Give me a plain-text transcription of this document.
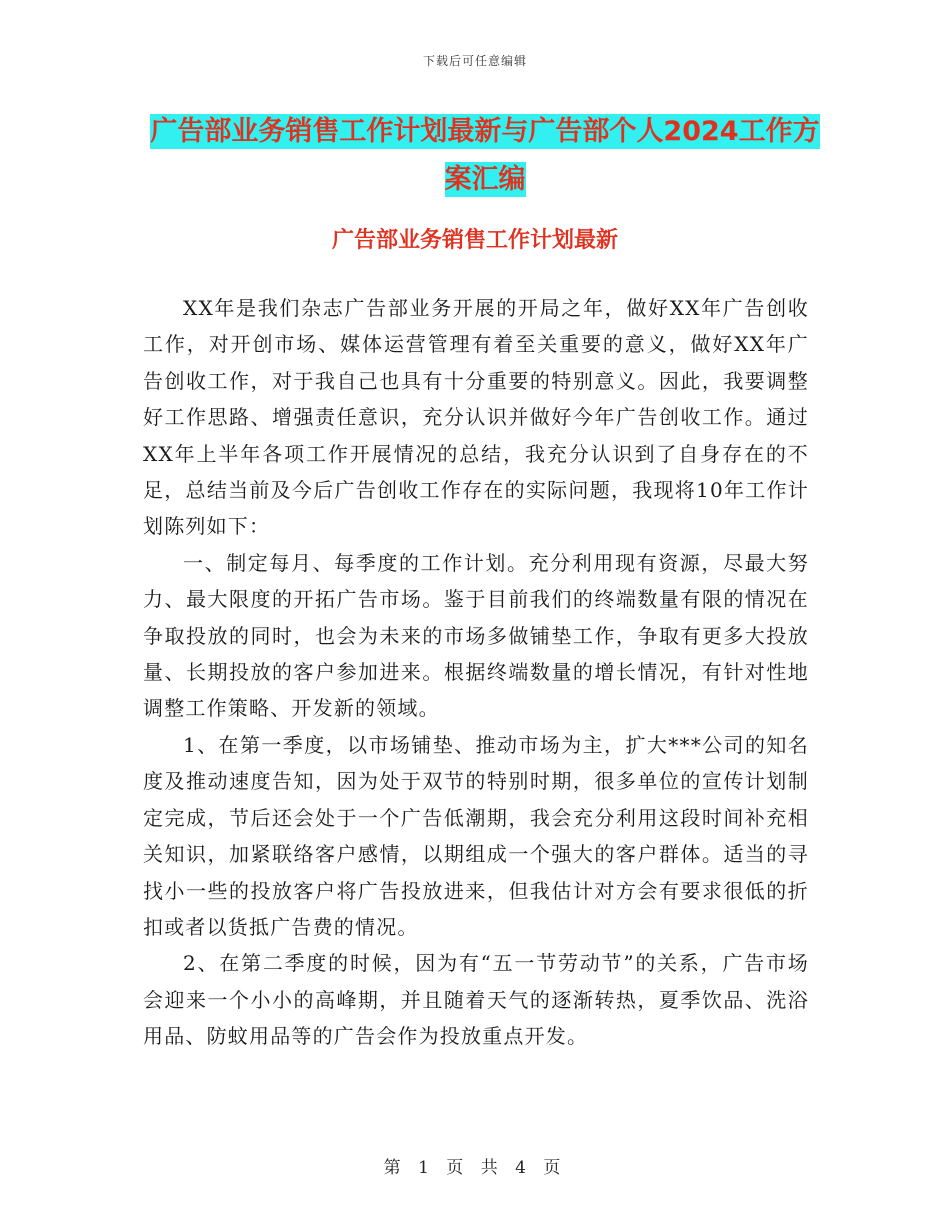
下载后可任意编辑
广告部业务销售工作计划最新与广告部个人2024工作方案汇编
广告部业务销售工作计划最新

XX年是我们杂志广告部业务开展的开局之年，做好XX年广告创收工作，对开创市场、媒体运营管理有着至关重要的意义，做好XX年广告创收工作，对于我自己也具有十分重要的特别意义。因此，我要调整好工作思路、增强责任意识，充分认识并做好今年广告创收工作。通过XX年上半年各项工作开展情况的总结，我充分认识到了自身存在的不足，总结当前及今后广告创收工作存在的实际问题，我现将10年工作计划陈列如下：

一、制定每月、每季度的工作计划。充分利用现有资源，尽最大努力、最大限度的开拓广告市场。鉴于目前我们的终端数量有限的情况在争取投放的同时，也会为未来的市场多做铺垫工作，争取有更多大投放量、长期投放的客户参加进来。根据终端数量的增长情况，有针对性地调整工作策略、开发新的领域。

1、在第一季度，以市场铺垫、推动市场为主，扩大***公司的知名度及推动速度告知，因为处于双节的特别时期，很多单位的宣传计划制定完成，节后还会处于一个广告低潮期，我会充分利用这段时间补充相关知识，加紧联络客户感情，以期组成一个强大的客户群体。适当的寻找小一些的投放客户将广告投放进来，但我估计对方会有要求很低的折扣或者以货抵广告费的情况。

2、在第二季度的时候，因为有“五一节劳动节”的关系，广告市场会迎来一个小小的高峰期，并且随着天气的逐渐转热，夏季饮品、洗浴用品、防蚊用品等的广告会作为投放重点开发。

第 1 页 共 4 页
